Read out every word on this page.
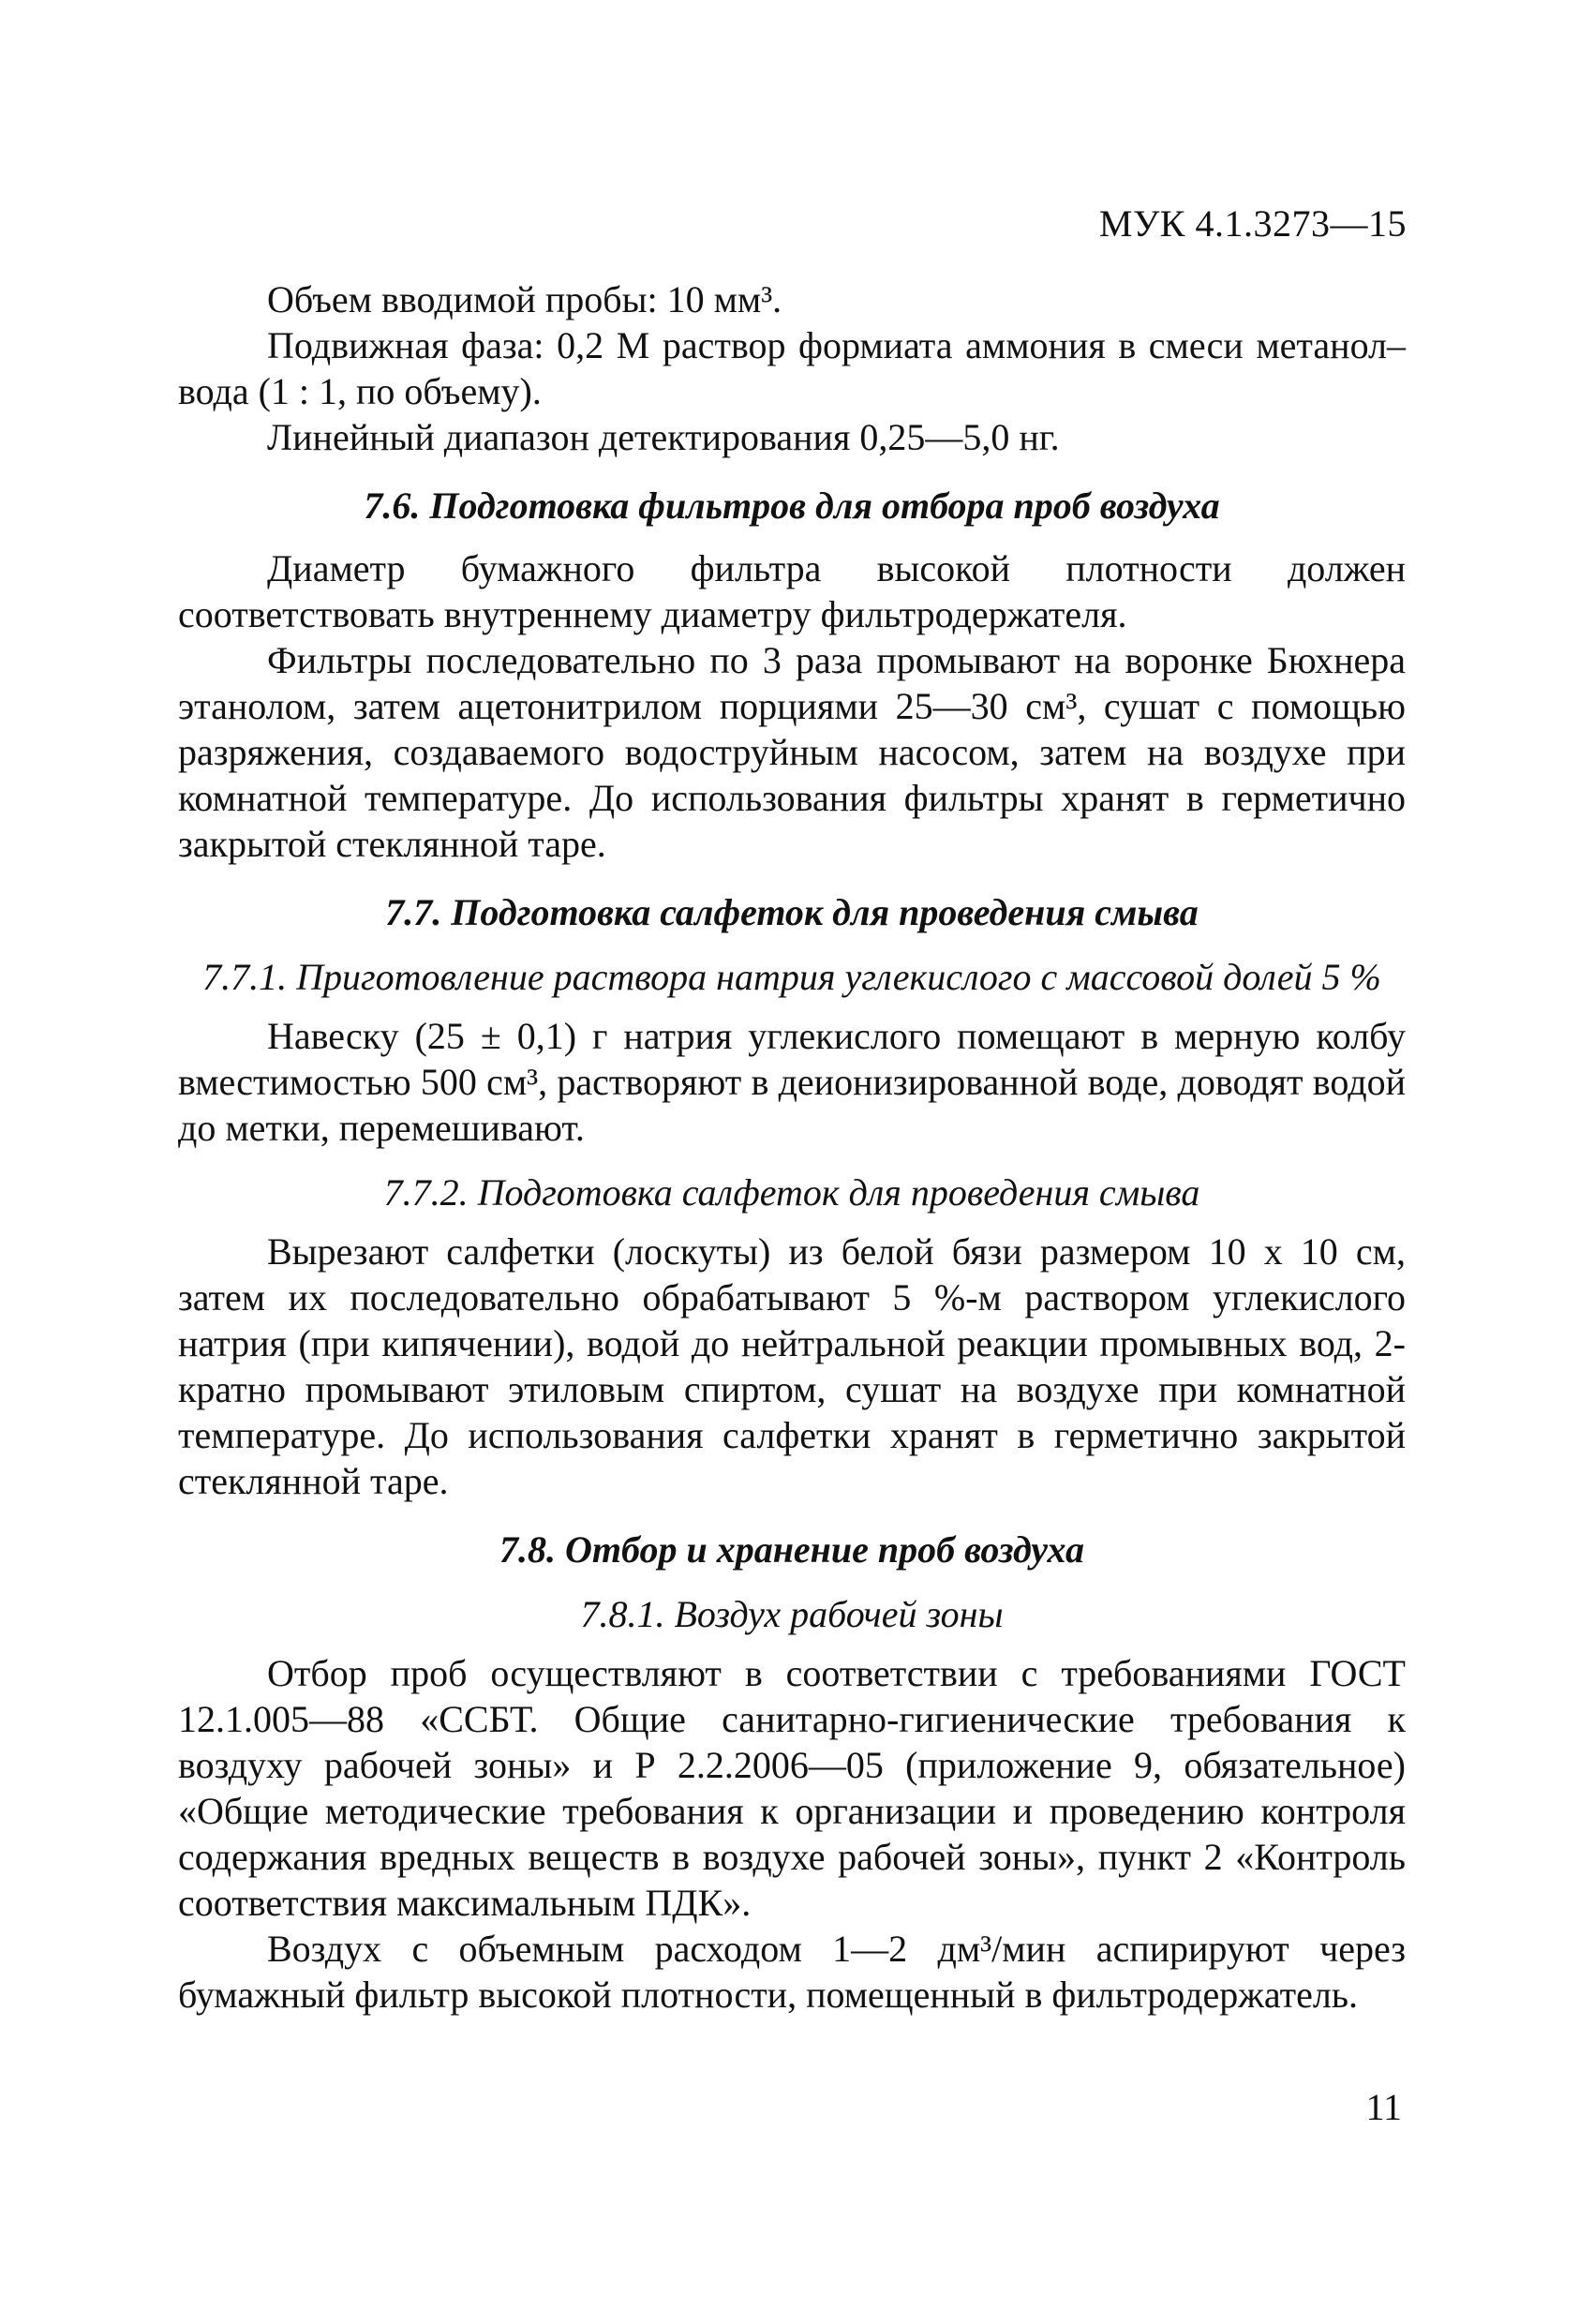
МУК 4.1.3273—15

Объем вводимой пробы: 10 мм³.

Подвижная фаза: 0,2 М раствор формиата аммония в смеси метанол–вода (1 : 1, по объему).

Линейный диапазон детектирования 0,25—5,0 нг.

7.6. Подготовка фильтров для отбора проб воздуха

Диаметр бумажного фильтра высокой плотности должен соответствовать внутреннему диаметру фильтродержателя.

Фильтры последовательно по 3 раза промывают на воронке Бюхнера этанолом, затем ацетонитрилом порциями 25—30 см³, сушат с помощью разряжения, создаваемого водоструйным насосом, затем на воздухе при комнатной температуре. До использования фильтры хранят в герметично закрытой стеклянной таре.

7.7. Подготовка салфеток для проведения смыва
7.7.1. Приготовление раствора натрия углекислого с массовой долей 5 %

Навеску (25 ± 0,1) г натрия углекислого помещают в мерную колбу вместимостью 500 см³, растворяют в деионизированной воде, доводят водой до метки, перемешивают.

7.7.2. Подготовка салфеток для проведения смыва

Вырезают салфетки (лоскуты) из белой бязи размером 10 x 10 см, затем их последовательно обрабатывают 5 %-м раствором углекислого натрия (при кипячении), водой до нейтральной реакции промывных вод, 2-кратно промывают этиловым спиртом, сушат на воздухе при комнатной температуре. До использования салфетки хранят в герметично закрытой стеклянной таре.

7.8. Отбор и хранение проб воздуха
7.8.1. Воздух рабочей зоны

Отбор проб осуществляют в соответствии с требованиями ГОСТ 12.1.005—88 «ССБТ. Общие санитарно-гигиенические требования к воздуху рабочей зоны» и Р 2.2.2006—05 (приложение 9, обязательное) «Общие методические требования к организации и проведению контроля содержания вредных веществ в воздухе рабочей зоны», пункт 2 «Контроль соответствия максимальным ПДК».

Воздух с объемным расходом 1—2 дм³/мин аспирируют через бумажный фильтр высокой плотности, помещенный в фильтродержатель.

11
